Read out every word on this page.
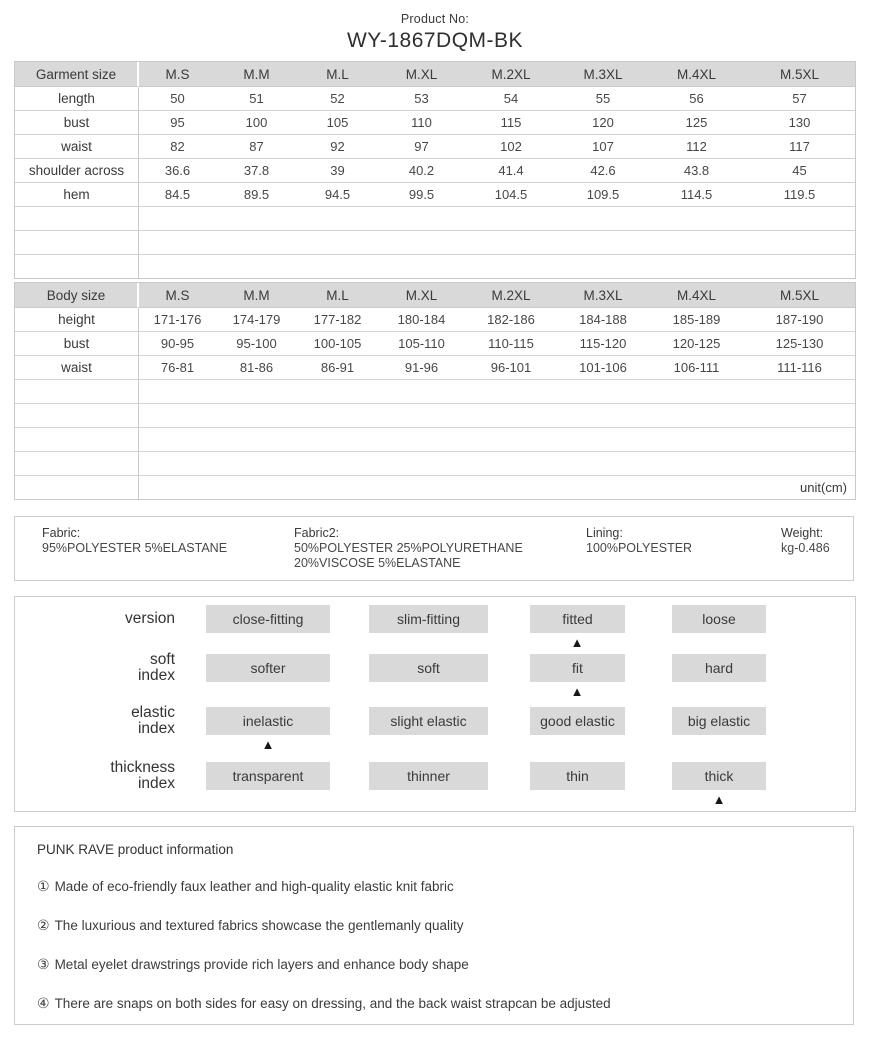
Product No:
WY-1867DQM-BK
Garment size	M.S	M.M	M.L	M.XL	M.2XL	M.3XL	M.4XL	M.5XL
length	50	51	52	53	54	55	56	57
bust	95	100	105	110	115	120	125	130
waist	82	87	92	97	102	107	112	117
shoulder across	36.6	37.8	39	40.2	41.4	42.6	43.8	45
hem	84.5	89.5	94.5	99.5	104.5	109.5	114.5	119.5

Body size	M.S	M.M	M.L	M.XL	M.2XL	M.3XL	M.4XL	M.5XL
height	171-176	174-179	177-182	180-184	182-186	184-188	185-189	187-190
bust	90-95	95-100	100-105	105-110	110-115	115-120	120-125	125-130
waist	76-81	81-86	86-91	91-96	96-101	101-106	106-111	111-116

	unit(cm)							
Fabric:
95%POLYESTER 5%ELASTANE
Fabric2:
50%POLYESTER 25%POLYURETHANE
20%VISCOSE 5%ELASTANE
Lining:
100%POLYESTER
Weight:
kg-0.486
version	close-fitting	slim-fitting	fitted	loose
▲
soft
index	softer	soft	fit	hard
▲
elastic
index	inelastic	slight elastic	good elastic	big elastic
▲
thickness
index	transparent	thinner	thin	thick
▲
PUNK RAVE product information
① Made of eco-friendly faux leather and high-quality elastic knit fabric
② The luxurious and textured fabrics showcase the gentlemanly quality
③ Metal eyelet drawstrings provide rich layers and enhance body shape
④ There are snaps on both sides for easy on dressing, and the back waist strapcan be adjusted
